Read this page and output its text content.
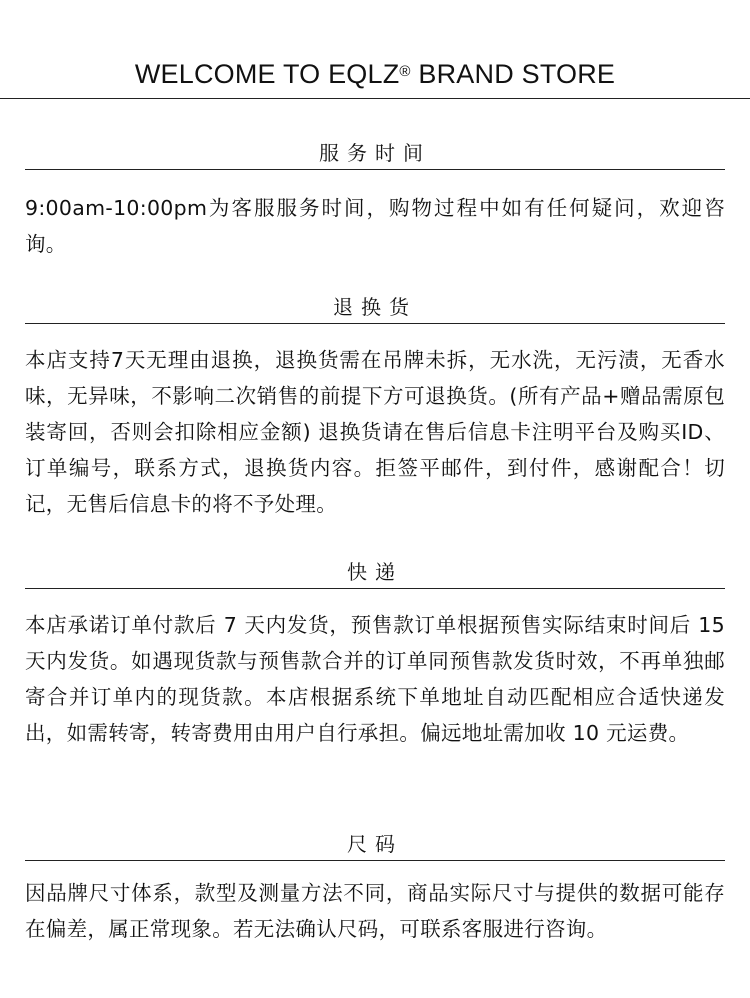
WELCOME TO EQLZ® BRAND STORE
服务时间
9:00am-10:00pm为客服服务时间，购物过程中如有任何疑问，欢迎咨询。
退换货
本店支持7天无理由退换，退换货需在吊牌未拆，无水洗，无污渍，无香水味，无异味，不影响二次销售的前提下方可退换货。(所有产品+赠品需原包装寄回，否则会扣除相应金额) 退换货请在售后信息卡注明平台及购买ID、订单编号，联系方式，退换货内容。拒签平邮件，到付件，感谢配合！切记，无售后信息卡的将不予处理。
快递
本店承诺订单付款后 7 天内发货，预售款订单根据预售实际结束时间后 15 天内发货。如遇现货款与预售款合并的订单同预售款发货时效，不再单独邮寄合并订单内的现货款。本店根据系统下单地址自动匹配相应合适快递发出，如需转寄，转寄费用由用户自行承担。偏远地址需加收 10 元运费。
尺码
因品牌尺寸体系，款型及测量方法不同，商品实际尺寸与提供的数据可能存在偏差，属正常现象。若无法确认尺码，可联系客服进行咨询。
